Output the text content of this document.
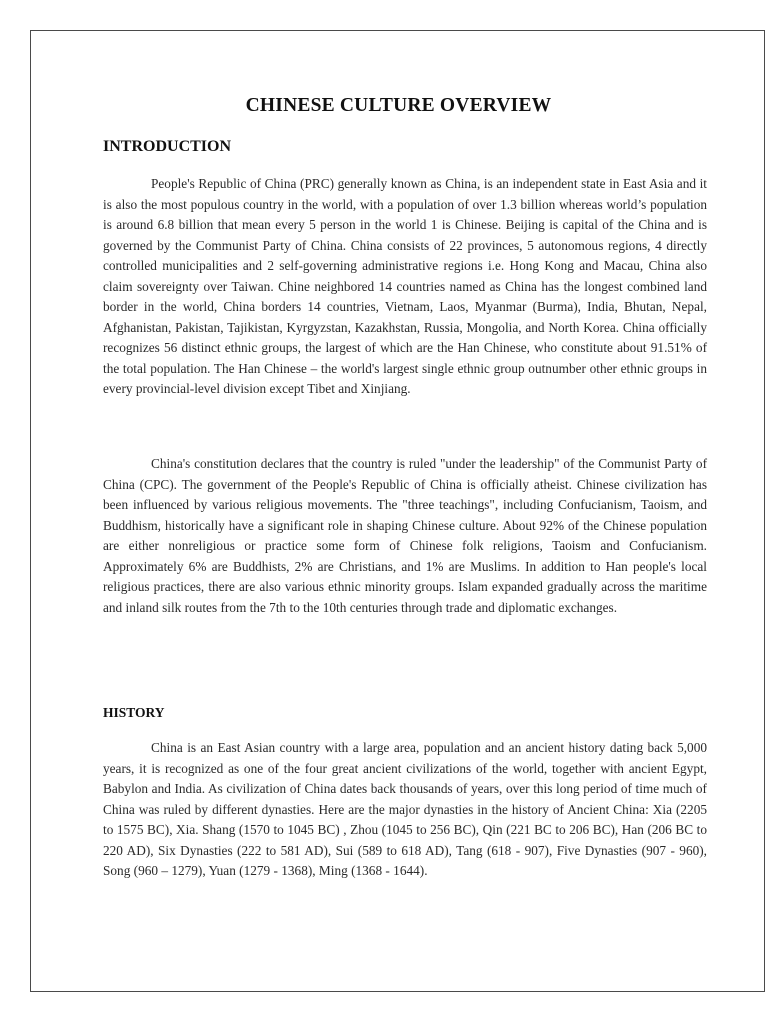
CHINESE CULTURE OVERVIEW
INTRODUCTION

People's Republic of China (PRC) generally known as China, is an independent state in East Asia and it is also the most populous country in the world, with a population of over 1.3 billion whereas world’s population is around 6.8 billion that mean every 5 person in the world 1 is Chinese. Beijing is capital of the China and is governed by the Communist Party of China. China consists of 22 provinces, 5 autonomous regions, 4 directly controlled municipalities and 2 self-governing administrative regions i.e. Hong Kong and Macau, China also claim sovereignty over Taiwan. Chine neighbored 14 countries named as China has the longest combined land border in the world, China borders 14 countries, Vietnam, Laos, Myanmar (Burma), India, Bhutan, Nepal, Afghanistan, Pakistan, Tajikistan, Kyrgyzstan, Kazakhstan, Russia, Mongolia, and North Korea. China officially recognizes 56 distinct ethnic groups, the largest of which are the Han Chinese, who constitute about 91.51% of the total population. The Han Chinese – the world's largest single ethnic group outnumber other ethnic groups in every provincial-level division except Tibet and Xinjiang.

China's constitution declares that the country is ruled "under the leadership" of the Communist Party of China (CPC). The government of the People's Republic of China is officially atheist. Chinese civilization has been influenced by various religious movements. The "three teachings", including Confucianism, Taoism, and Buddhism, historically have a significant role in shaping Chinese culture. About 92% of the Chinese population are either nonreligious or practice some form of Chinese folk religions, Taoism and Confucianism. Approximately 6% are Buddhists, 2% are Christians, and 1% are Muslims. In addition to Han people's local religious practices, there are also various ethnic minority groups. Islam expanded gradually across the maritime and inland silk routes from the 7th to the 10th centuries through trade and diplomatic exchanges.

HISTORY

China is an East Asian country with a large area, population and an ancient history dating back 5,000 years, it is recognized as one of the four great ancient civilizations of the world, together with ancient Egypt, Babylon and India. As civilization of China dates back thousands of years, over this long period of time much of China was ruled by different dynasties. Here are the major dynasties in the history of Ancient China: Xia (2205 to 1575 BC), Xia. Shang (1570 to 1045 BC) , Zhou (1045 to 256 BC), Qin (221 BC to 206 BC), Han (206 BC to 220 AD), Six Dynasties (222 to 581 AD), Sui (589 to 618 AD), Tang (618 - 907), Five Dynasties (907 - 960), Song (960 – 1279), Yuan (1279 - 1368), Ming (1368 - 1644).
